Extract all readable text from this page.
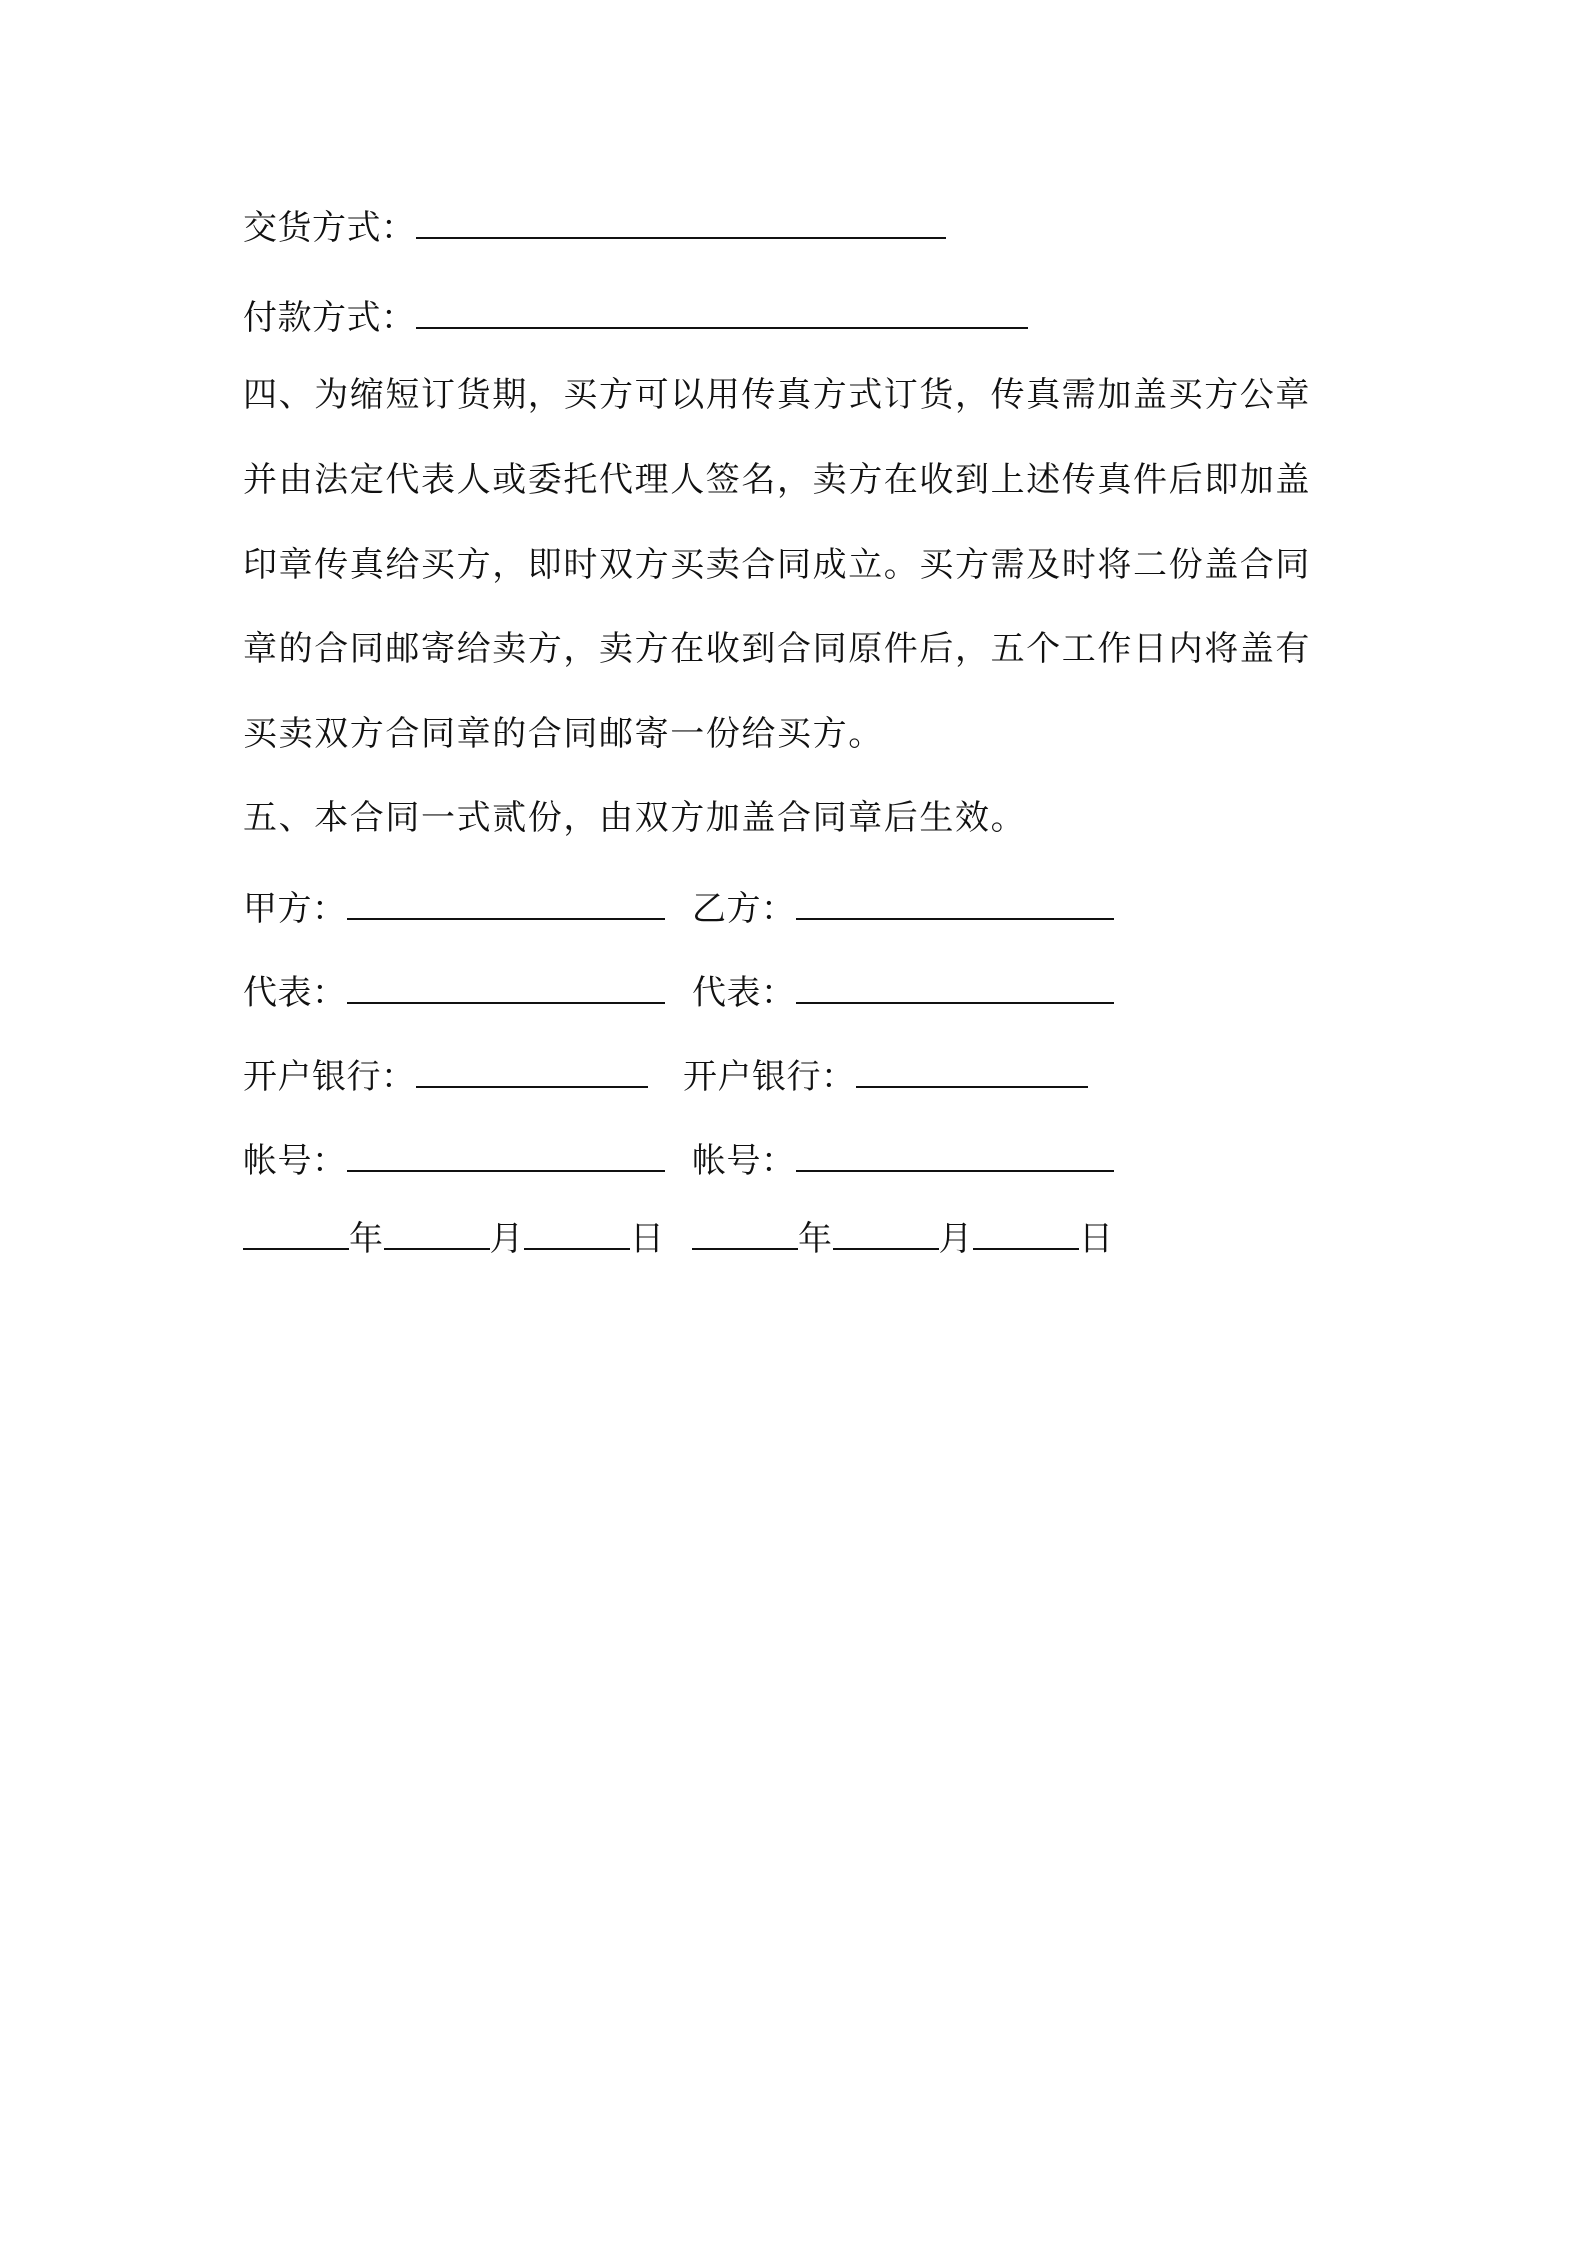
交货方式：
付款方式：
四、为缩短订货期，买方可以用传真方式订货，传真需加盖买方公章
并由法定代表人或委托代理人签名，卖方在收到上述传真件后即加盖
印章传真给买方，即时双方买卖合同成立。买方需及时将二份盖合同
章的合同邮寄给卖方，卖方在收到合同原件后，五个工作日内将盖有
买卖双方合同章的合同邮寄一份给买方。
五、本合同一式贰份，由双方加盖合同章后生效。
甲方：	乙方：
代表：	代表：
开户银行：	开户银行：
帐号：	帐号：
年	月	日	年	月	日
